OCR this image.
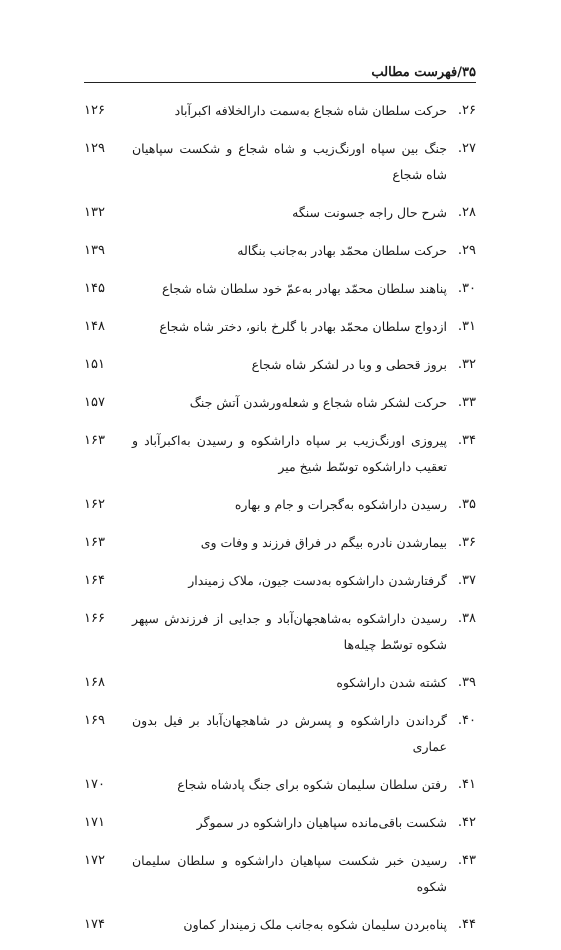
۳۵/فهرست مطالب
۲۶.
حرکت سلطان شاه شجاع به‌سمت دارالخلافه اکبرآباد
۱۲۶
۲۷.
جنگ بین سپاه اورنگ‌زیب و شاه شجاع و شکست سپاهیان شاه شجاع
۱۲۹
۲۸.
شرح حال راجه جسونت سنگه
۱۳۲
۲۹.
حرکت سلطان محمّد بهادر به‌جانب بنگاله
۱۳۹
۳۰.
پناهند سلطان محمّد بهادر به‌عمّ خود سلطان شاه شجاع
۱۴۵
۳۱.
ازدواج سلطان محمّد بهادر با گلرخ بانو، دختر شاه شجاع
۱۴۸
۳۲.
بروز قحطی و وبا در لشکر شاه شجاع
۱۵۱
۳۳.
حرکت لشکر شاه شجاع و شعله‌ورشدن آتش جنگ
۱۵۷
۳۴.
پیروزی اورنگ‌زیب بر سپاه داراشکوه و رسیدن به‌اکبرآباد و تعقیب داراشکوه توسّط شیخ میر
۱۶۳
۳۵.
رسیدن داراشکوه به‌گجرات و جام و بهاره
۱۶۲
۳۶.
بیمارشدن نادره بیگم در فراق فرزند و وفات وی
۱۶۳
۳۷.
گرفتارشدن داراشکوه به‌دست جیون، ملاک زمیندار
۱۶۴
۳۸.
رسیدن داراشکوه به‌شاهجهان‌آباد و جدایی از فرزندش سپهر شکوه توسّط چیله‌ها
۱۶۶
۳۹.
کشته شدن داراشکوه
۱۶۸
۴۰.
گرداندن داراشکوه و پسرش در شاهجهان‌آباد بر فیل بدون عماری
۱۶۹
۴۱.
رفتن سلطان سلیمان شکوه برای جنگ پادشاه شجاع
۱۷۰
۴۲.
شکست باقی‌مانده سپاهیان داراشکوه در سموگر
۱۷۱
۴۳.
رسیدن خبر شکست سپاهیان داراشکوه و سلطان سلیمان شکوه
۱۷۲
۴۴.
پناه‌بردن سلیمان شکوه به‌جانب ملک زمیندار کماون
۱۷۴
